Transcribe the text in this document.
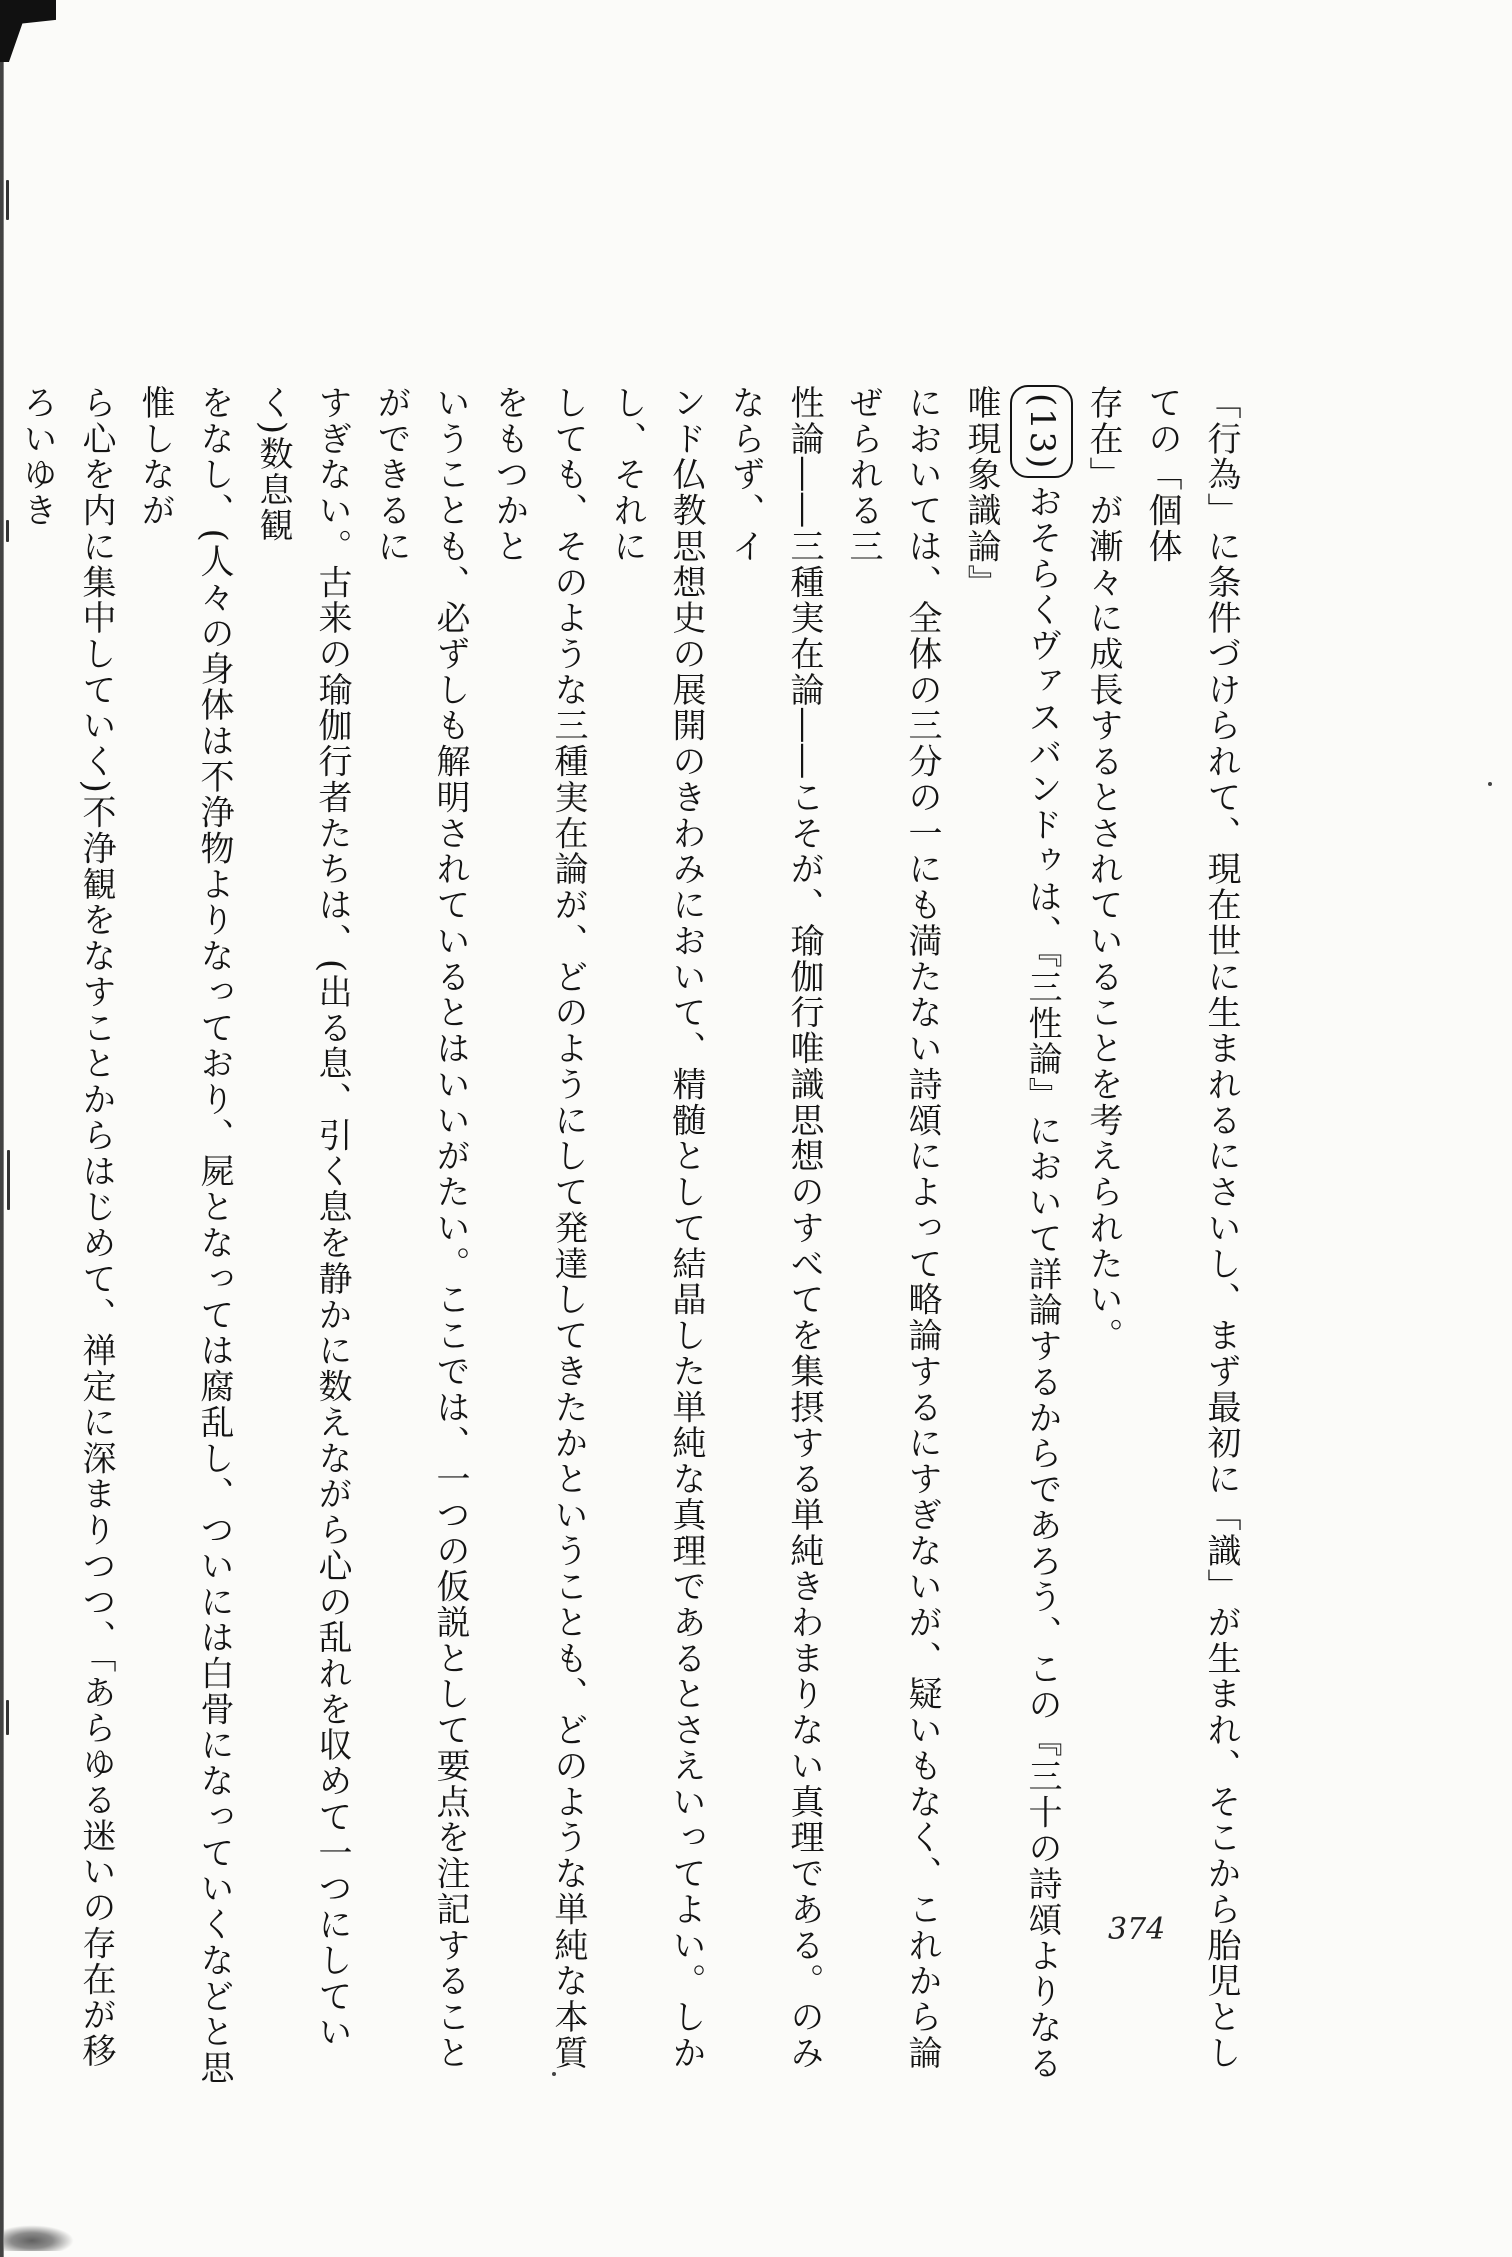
「行為」に条件づけられて、現在世に生まれるにさいし、まず最初に「識」が生まれ、そこから胎児としての「個体

存在」が漸々に成長するとされていることを考えられたい。

(13)おそらくヴァスバンドゥは、『三性論』において詳論するからであろう、この『三十の詩頌よりなる唯現象識論』

においては、全体の三分の一にも満たない詩頌によって略論するにすぎないが、疑いもなく、これから論ぜられる三

性論――三種実在論――こそが、瑜伽行唯識思想のすべてを集摂する単純きわまりない真理である。のみならず、イ

ンド仏教思想史の展開のきわみにおいて、精髄として結晶した単純な真理であるとさえいってよい。しかし、それに

しても、そのような三種実在論が、どのようにして発達してきたかということも、どのような単純な本質をもつかと

いうことも、必ずしも解明されているとはいいがたい。ここでは、一つの仮説として要点を注記することができるに

すぎない。古来の瑜伽行者たちは、(出る息、引く息を静かに数えながら心の乱れを収めて一つにしていく)数息観

をなし、(人々の身体は不浄物よりなっており、屍となっては腐乱し、ついには白骨になっていくなどと思惟しなが

ら心を内に集中していく)不浄観をなすことからはじめて、禅定に深まりつつ、「あらゆる迷いの存在が移ろいゆき

374
